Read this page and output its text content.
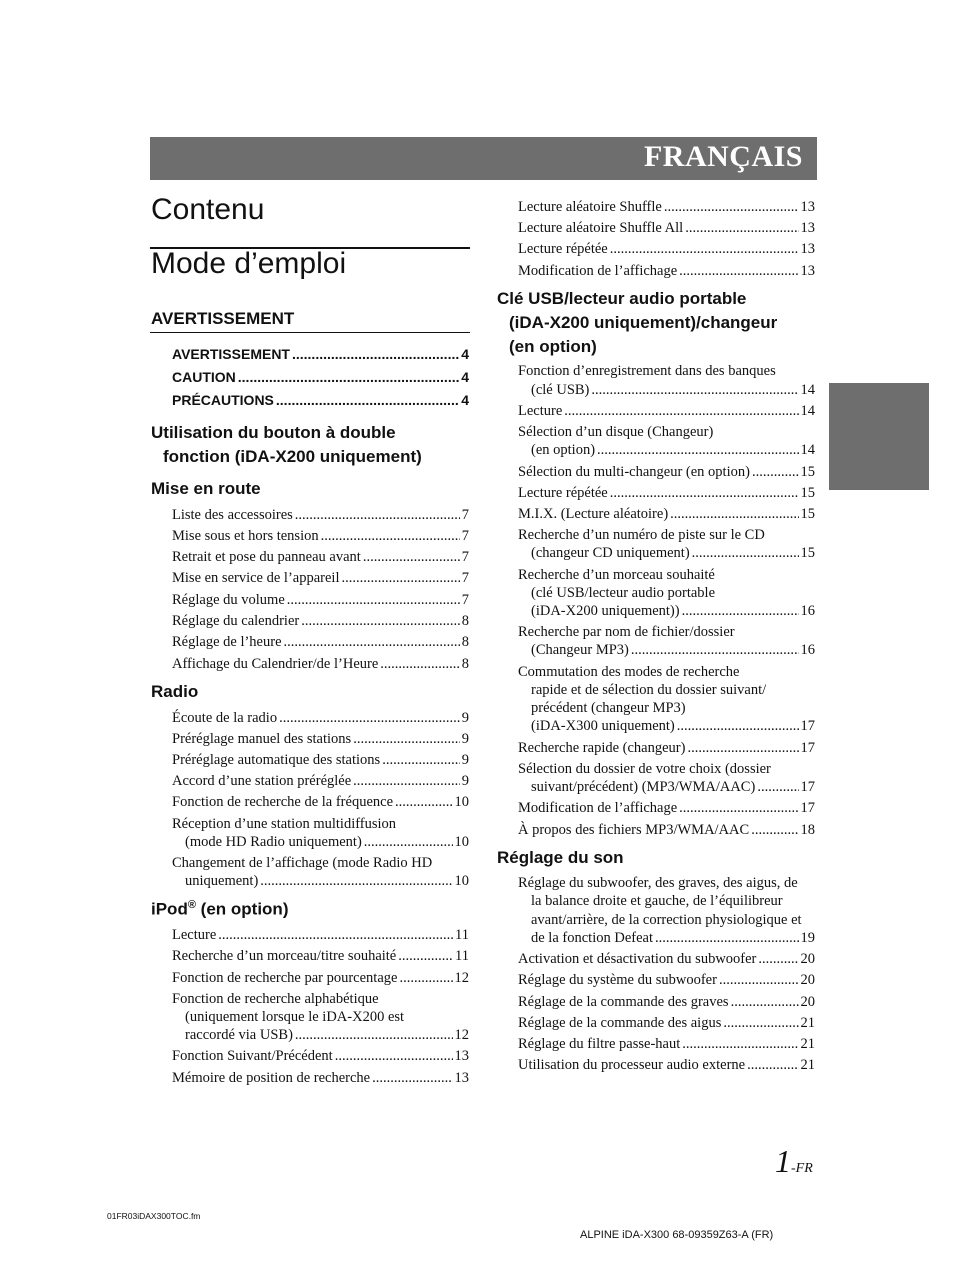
FRANÇAIS
Contenu
Mode d’emploi
AVERTISSEMENT
AVERTISSEMENT .....	4
CAUTION .....	4
PRÉCAUTIONS .....	4
Utilisation du bouton à double
fonction (iDA-X200 uniquement)
Mise en route
Liste des accessoires .....	7
Mise sous et hors tension .....	7
Retrait et pose du panneau avant .....	7
Mise en service de l’appareil .....	7
Réglage du volume .....	7
Réglage du calendrier .....	8
Réglage de l’heure .....	8
Affichage du Calendrier/de l’Heure .....	8
Radio
Écoute de la radio .....	9
Préréglage manuel des stations .....	9
Préréglage automatique des stations .....	9
Accord d’une station préréglée .....	9
Fonction de recherche de la fréquence .....	10
Réception d’une station multidiffusion
(mode HD Radio uniquement) .....	10
Changement de l’affichage (mode Radio HD
uniquement) .....	10
iPod® (en option)
Lecture .....	11
Recherche d’un morceau/titre souhaité .....	11
Fonction de recherche par pourcentage .....	12
Fonction de recherche alphabétique
(uniquement lorsque le iDA-X200 est
raccordé via USB) .....	12
Fonction Suivant/Précédent .....	13
Mémoire de position de recherche .....	13
Lecture aléatoire Shuffle .....	13
Lecture aléatoire Shuffle All .....	13
Lecture répétée .....	13
Modification de l’affichage .....	13
Clé USB/lecteur audio portable
(iDA-X200 uniquement)/changeur
(en option)
Fonction d’enregistrement dans des banques
(clé USB) .....	14
Lecture .....	14
Sélection d’un disque (Changeur)
(en option) .....	14
Sélection du multi-changeur (en option) .....	15
Lecture répétée .....	15
M.I.X. (Lecture aléatoire) .....	15
Recherche d’un numéro de piste sur le CD
(changeur CD uniquement) .....	15
Recherche d’un morceau souhaité
(clé USB/lecteur audio portable
(iDA-X200 uniquement)) .....	16
Recherche par nom de fichier/dossier
(Changeur MP3) .....	16
Commutation des modes de recherche
rapide et de sélection du dossier suivant/
précédent (changeur MP3)
(iDA-X300 uniquement) .....	17
Recherche rapide (changeur) .....	17
Sélection du dossier de votre choix (dossier
suivant/précédent) (MP3/WMA/AAC) .....	17
Modification de l’affichage .....	17
À propos des fichiers MP3/WMA/AAC .....	18
Réglage du son
Réglage du subwoofer, des graves, des aigus, de
la balance droite et gauche, de l’équilibreur
avant/arrière, de la correction physiologique et
de la fonction Defeat .....	19
Activation et désactivation du subwoofer .....	20
Réglage du système du subwoofer .....	20
Réglage de la commande des graves .....	20
Réglage de la commande des aigus .....	21
Réglage du filtre passe-haut .....	21
Utilisation du processeur audio externe .....	21
1-FR
01FR03iDAX300TOC.fm
ALPINE iDA-X300 68-09359Z63-A (FR)
